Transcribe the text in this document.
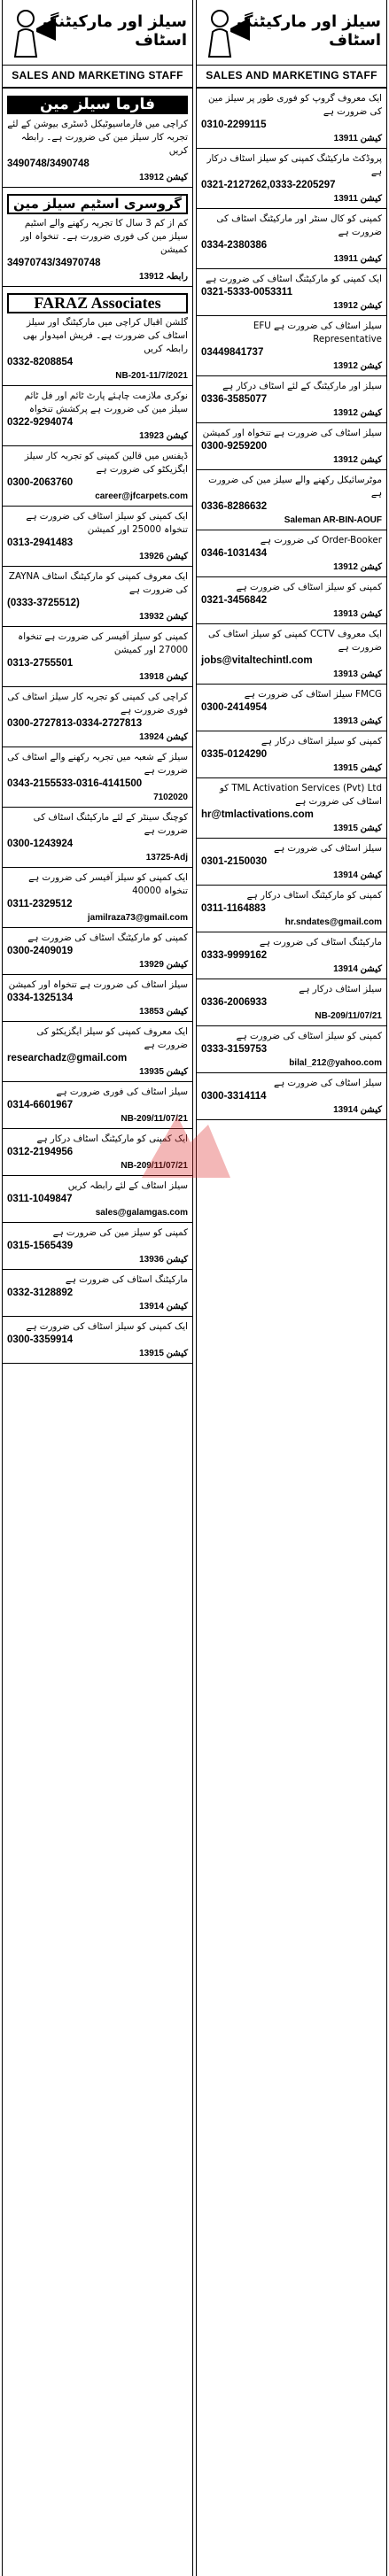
سیلز اور مارکیٹنگ اسٹاف
SALES AND MARKETING STAFF
فارما سیلز مین

کراچی میں فارماسیوٹیکل ڈسٹری بیوشن کے لئے تجربہ کار سیلز مین کی ضرورت ہے۔ رابطہ کریں

3490748/3490748

کیشن 13912

گروسری اسٹیم سیلز مین

کم از کم 3 سال کا تجربہ رکھنے والے اسٹیم سیلز مین کی فوری ضرورت ہے۔ تنخواہ اور کمیشن

34970743/34970748

رابطہ 13912

FARAZ Associates

گلشن اقبال کراچی میں مارکیٹنگ اور سیلز اسٹاف کی ضرورت ہے۔ فریش امیدوار بھی رابطہ کریں

0332-8208854

NB-201-11/7/2021

نوکری ملازمت چاہئے پارٹ ٹائم اور فل ٹائم سیلز مین کی ضرورت ہے پرکشش تنخواہ

0322-9294074

کیشن 13923

ڈیفنس میں قالین کمپنی کو تجربہ کار سیلز ایگزیکٹو کی ضرورت ہے

0300-2063760

career@jfcarpets.com

ایک کمپنی کو سیلز اسٹاف کی ضرورت ہے تنخواہ 25000 اور کمیشن

0313-2941483

کیشن 13926

ایک معروف کمپنی کو مارکیٹنگ اسٹاف ZAYNA کی ضرورت ہے

(0333-3725512)

کیشن 13932

کمپنی کو سیلز آفیسر کی ضرورت ہے تنخواہ 27000 اور کمیشن

0313-2755501

کیشن 13918

کراچی کی کمپنی کو تجربہ کار سیلز اسٹاف کی فوری ضرورت ہے

0300-2727813-0334-2727813

کیشن 13924

سیلز کے شعبہ میں تجربہ رکھنے والے اسٹاف کی ضرورت ہے

0343-2155533-0316-4141500

7102020

کوچنگ سینٹر کے لئے مارکیٹنگ اسٹاف کی ضرورت ہے

0300-1243924

13725-Adj

ایک کمپنی کو سیلز آفیسر کی ضرورت ہے تنخواہ 40000

0311-2329512

jamilraza73@gmail.com

کمپنی کو مارکیٹنگ اسٹاف کی ضرورت ہے

0300-2409019

کیشن 13929

سیلز اسٹاف کی ضرورت ہے تنخواہ اور کمیشن

0334-1325134

کیشن 13853

ایک معروف کمپنی کو سیلز ایگزیکٹو کی ضرورت ہے

researchadz@gmail.com

کیشن 13935

سیلز اسٹاف کی فوری ضرورت ہے

0314-6601967

NB-209/11/07/21

ایک کمپنی کو مارکیٹنگ اسٹاف درکار ہے

0312-2194956

NB-209/11/07/21

سیلز اسٹاف کے لئے رابطہ کریں

0311-1049847

sales@galamgas.com

کمپنی کو سیلز مین کی ضرورت ہے

0315-1565439

کیشن 13936

مارکیٹنگ اسٹاف کی ضرورت ہے

0332-3128892

کیشن 13914

ایک کمپنی کو سیلز اسٹاف کی ضرورت ہے

0300-3359914

کیشن 13915

سیلز اور مارکیٹنگ اسٹاف
SALES AND MARKETING STAFF

ایک معروف گروپ کو فوری طور پر سیلز مین کی ضرورت ہے

0310-2299115

کیشن 13911

پروڈکٹ مارکیٹنگ کمپنی کو سیلز اسٹاف درکار ہے

0321-2127262,0333-2205297

کیشن 13911

کمپنی کو کال سنٹر اور مارکیٹنگ اسٹاف کی ضرورت ہے

0334-2380386

کیشن 13911

ایک کمپنی کو مارکیٹنگ اسٹاف کی ضرورت ہے

0321-5333-0053311

کیشن 13912

سیلز اسٹاف کی ضرورت ہے EFU Representative

03449841737

کیشن 13912

سیلز اور مارکیٹنگ کے لئے اسٹاف درکار ہے

0336-3585077

کیشن 13912

سیلز اسٹاف کی ضرورت ہے تنخواہ اور کمیشن

0300-9259200

کیشن 13912

موٹرسائیکل رکھنے والے سیلز مین کی ضرورت ہے

0336-8286632

Saleman AR-BIN-AOUF

Order-Booker کی ضرورت ہے

0346-1031434

کیشن 13912

کمپنی کو سیلز اسٹاف کی ضرورت ہے

0321-3456842

کیشن 13913

ایک معروف CCTV کمپنی کو سیلز اسٹاف کی ضرورت ہے

jobs@vitaltechintl.com

کیشن 13913

FMCG سیلز اسٹاف کی ضرورت ہے

0300-2414954

کیشن 13913

کمپنی کو سیلز اسٹاف درکار ہے

0335-0124290

کیشن 13915

TML Activation Services (Pvt) Ltd کو اسٹاف کی ضرورت ہے

hr@tmlactivations.com

کیشن 13915

سیلز اسٹاف کی ضرورت ہے

0301-2150030

کیشن 13914

کمپنی کو مارکیٹنگ اسٹاف درکار ہے

0311-1164883

hr.sndates@gmail.com

مارکیٹنگ اسٹاف کی ضرورت ہے

0333-9999162

کیشن 13914

سیلز اسٹاف درکار ہے

0336-2006933

NB-209/11/07/21

کمپنی کو سیلز اسٹاف کی ضرورت ہے

0333-3159753

bilal_212@yahoo.com

سیلز اسٹاف کی ضرورت ہے

0300-3314114

کیشن 13914
